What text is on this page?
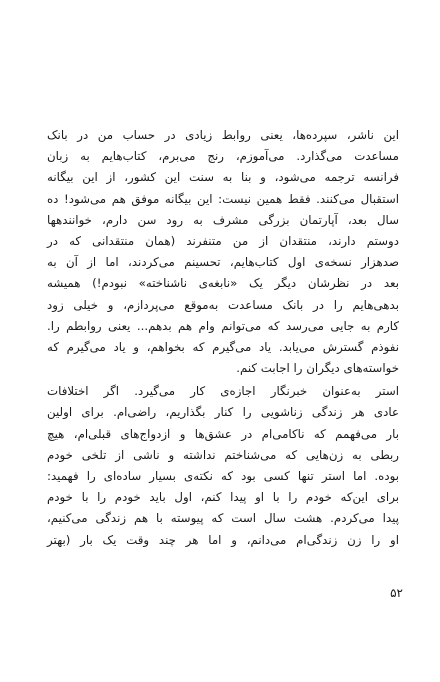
این ناشر، سپرده‌ها، یعنی روابط زیادی در حساب من در بانک
مساعدت می‌گذارد. می‌آموزم، رنج می‌برم، کتاب‌هایم به زبان
فرانسه ترجمه می‌شود، و بنا به سنت این کشور، از این بیگانه
استقبال می‌کنند. فقط همین نیست: این بیگانه موفق هم می‌شود! ده
سال بعد، آپارتمان بزرگی مشرف به رود سن دارم، خوانندهها
دوستم دارند، منتقدان از من متنفرند (همان منتقدانی که در
صدهزار نسخه‌ی اول کتاب‌هایم، تحسینم می‌کردند، اما از آن به
بعد در نظرشان دیگر یک «نابغه‌ی ناشناخته» نبودم!) همیشه
بدهی‌هایم را در بانک مساعدت به‌موقع می‌پردازم، و خیلی زود
کارم به جایی می‌رسد که می‌توانم وام هم بدهم... یعنی روابطم را.
نفوذم گسترش می‌یابد. یاد می‌گیرم که بخواهم، و یاد می‌گیرم که
خواسته‌های دیگران را اجابت کنم.
استر به‌عنوان خبرنگار اجازه‌ی کار می‌گیرد. اگر اختلافات
عادی هر زندگی زناشویی را کنار بگذاریم، راضی‌ام. برای اولین
بار می‌فهمم که ناکامی‌ام در عشق‌ها و ازدواج‌های قبلی‌ام، هیچ
ربطی به زن‌هایی که می‌شناختم نداشته و ناشی از تلخی خودم
بوده. اما استر تنها کسی بود که نکته‌ی بسیار ساده‌ای را فهمید:
برای این‌که خودم را با او پیدا کنم، اول باید خودم را با خودم
پیدا می‌کردم. هشت سال است که پیوسته با هم زندگی می‌کنیم،
او را زن زندگی‌ام می‌دانم، و اما هر چند وقت یک بار (بهتر
۵۲
